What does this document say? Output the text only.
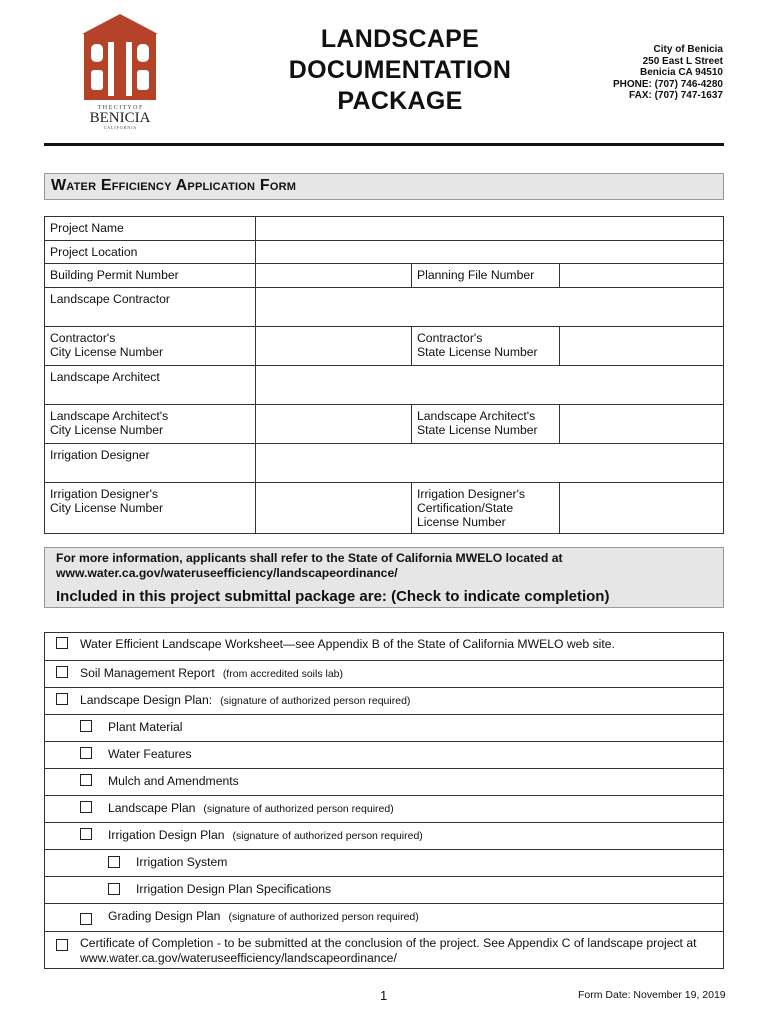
T H E C I T Y O F
BENICIA
C A L I F O R N I A
LANDSCAPE
DOCUMENTATION
PACKAGE
City of Benicia
250 East L Street
Benicia CA 94510
PHONE: (707) 746-4280
FAX: (707) 747-1637
Water Efficiency Application Form
Project Name
Project Location
Building Permit Number	Planning File Number
Landscape Contractor
Contractor's
City License Number
Contractor's
State License Number
Landscape Architect
Landscape Architect's
City License Number
Landscape Architect's
State License Number
Irrigation Designer
Irrigation Designer's
City License Number
Irrigation Designer's
Certification/State
License Number
For more information, applicants shall refer to the State of California MWELO located at
www.water.ca.gov/wateruseefficiency/landscapeordinance/
Included in this project submittal package are: (Check to indicate completion)
Water Efficient Landscape Worksheet—see Appendix B of the State of California MWELO web site.
Soil Management Report (from accredited soils lab)
Landscape Design Plan: (signature of authorized person required)
Plant Material
Water Features
Mulch and Amendments
Landscape Plan (signature of authorized person required)
Irrigation Design Plan (signature of authorized person required)
Irrigation System
Irrigation Design Plan Specifications
Grading Design Plan (signature of authorized person required)
Certificate of Completion - to be submitted at the conclusion of the project. See Appendix C of landscape project at
www.water.ca.gov/wateruseefficiency/landscapeordinance/
1	Form Date: November 19, 2019
